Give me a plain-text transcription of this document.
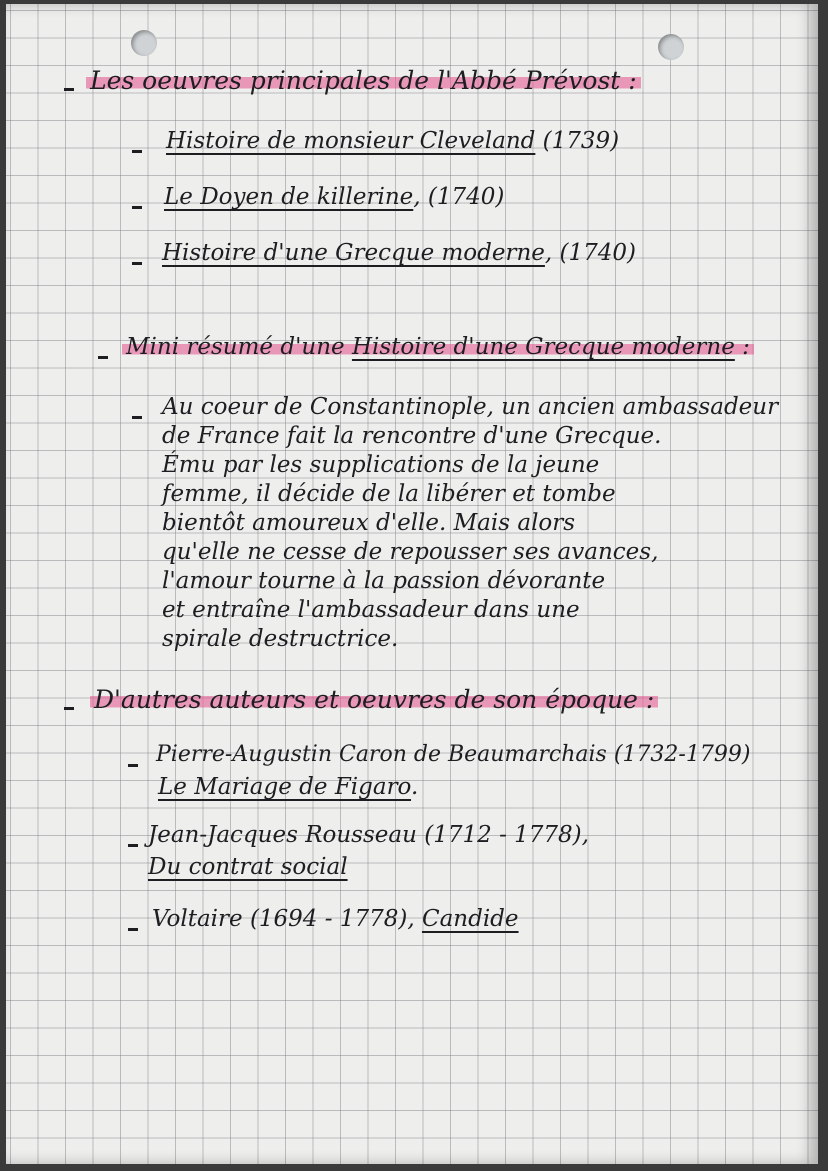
Les oeuvres principales de l'Abbé Prévost :
Histoire de monsieur Cleveland (1739)
Le Doyen de killerine, (1740)
Histoire d'une Grecque moderne, (1740)
Mini résumé d'une Histoire d'une Grecque moderne :
Au coeur de Constantinople, un ancien ambassadeur
de France fait la rencontre d'une Grecque.
Ému par les supplications de la jeune
femme, il décide de la libérer et tombe
bientôt amoureux d'elle. Mais alors
qu'elle ne cesse de repousser ses avances,
l'amour tourne à la passion dévorante
et entraîne l'ambassadeur dans une
spirale destructrice.
D'autres auteurs et oeuvres de son époque :
Pierre-Augustin Caron de Beaumarchais (1732-1799)
Le Mariage de Figaro.
Jean-Jacques Rousseau (1712 - 1778),
Du contrat social
Voltaire (1694 - 1778), Candide
